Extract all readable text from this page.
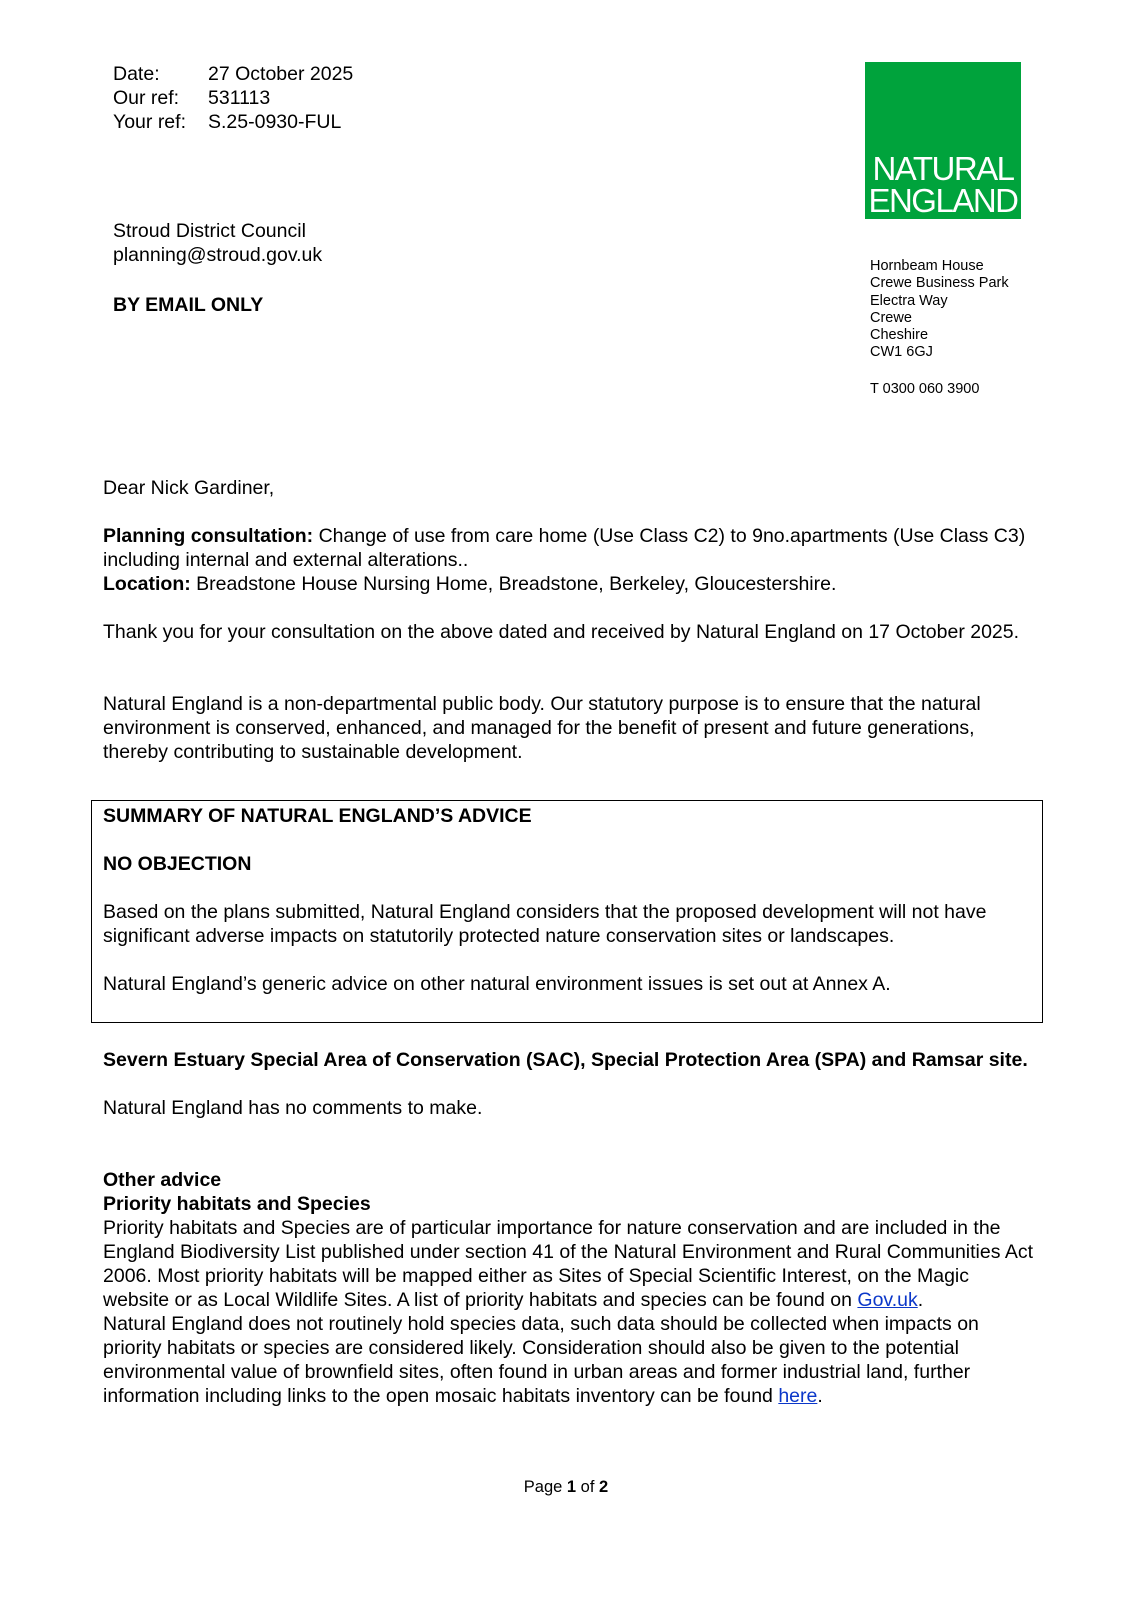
Date:	27 October 2025
Our ref:	531113
Your ref:	S.25-0930-FUL
NATURAL
ENGLAND
Stroud District Council
planning@stroud.gov.uk
BY EMAIL ONLY
Hornbeam House
Crewe Business Park
Electra Way
Crewe
Cheshire
CW1 6GJ
T 0300 060 3900
Dear Nick Gardiner,

Planning consultation: Change of use from care home (Use Class C2) to 9no.apartments (Use Class C3) including internal and external alterations..

Location: Breadstone House Nursing Home, Breadstone, Berkeley, Gloucestershire.

Thank you for your consultation on the above dated and received by Natural England on 17 October 2025.
Natural England is a non-departmental public body. Our statutory purpose is to ensure that the natural environment is conserved, enhanced, and managed for the benefit of present and future generations, thereby contributing to sustainable development.

SUMMARY OF NATURAL ENGLAND’S ADVICE

NO OBJECTION

Based on the plans submitted, Natural England considers that the proposed development will not have significant adverse impacts on statutorily protected nature conservation sites or landscapes.

Natural England’s generic advice on other natural environment issues is set out at Annex A.

Severn Estuary Special Area of Conservation (SAC), Special Protection Area (SPA) and Ramsar site.

Natural England has no comments to make.

Other advice

Priority habitats and Species

Priority habitats and Species are of particular importance for nature conservation and are included in the England Biodiversity List published under section 41 of the Natural Environment and Rural Communities Act 2006. Most priority habitats will be mapped either as Sites of Special Scientific Interest, on the Magic website or as Local Wildlife Sites. A list of priority habitats and species can be found on Gov.uk.

Natural England does not routinely hold species data, such data should be collected when impacts on priority habitats or species are considered likely. Consideration should also be given to the potential environmental value of brownfield sites, often found in urban areas and former industrial land, further information including links to the open mosaic habitats inventory can be found here.

Page 1 of 2
